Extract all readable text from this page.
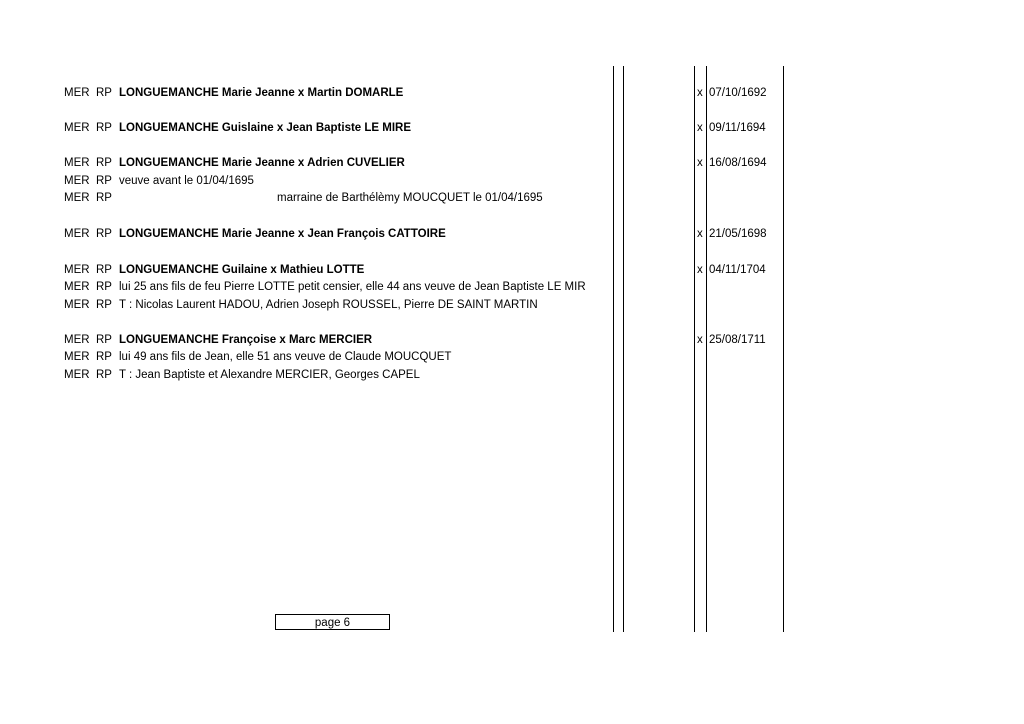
MER RP LONGUEMANCHE Marie Jeanne x Martin DOMARLE	x 07/10/1692
MER RP LONGUEMANCHE Guislaine x Jean Baptiste LE MIRE	x 09/11/1694
MER RP LONGUEMANCHE Marie Jeanne x Adrien CUVELIER	x 16/08/1694
MER RP veuve avant le 01/04/1695
MER RP	marraine de Barthélèmy MOUCQUET le 01/04/1695
MER RP LONGUEMANCHE Marie Jeanne x Jean François CATTOIRE	x 21/05/1698
MER RP LONGUEMANCHE Guilaine x Mathieu LOTTE	x 04/11/1704
MER RP lui 25 ans fils de feu Pierre LOTTE petit censier, elle 44 ans veuve de Jean Baptiste LE MIR
MER RP T : Nicolas Laurent HADOU, Adrien Joseph ROUSSEL, Pierre DE SAINT MARTIN
MER RP LONGUEMANCHE Françoise x Marc MERCIER	x 25/08/1711
MER RP lui 49 ans fils de Jean, elle 51 ans veuve de Claude MOUCQUET
MER RP T : Jean Baptiste et Alexandre MERCIER, Georges CAPEL
page 6
